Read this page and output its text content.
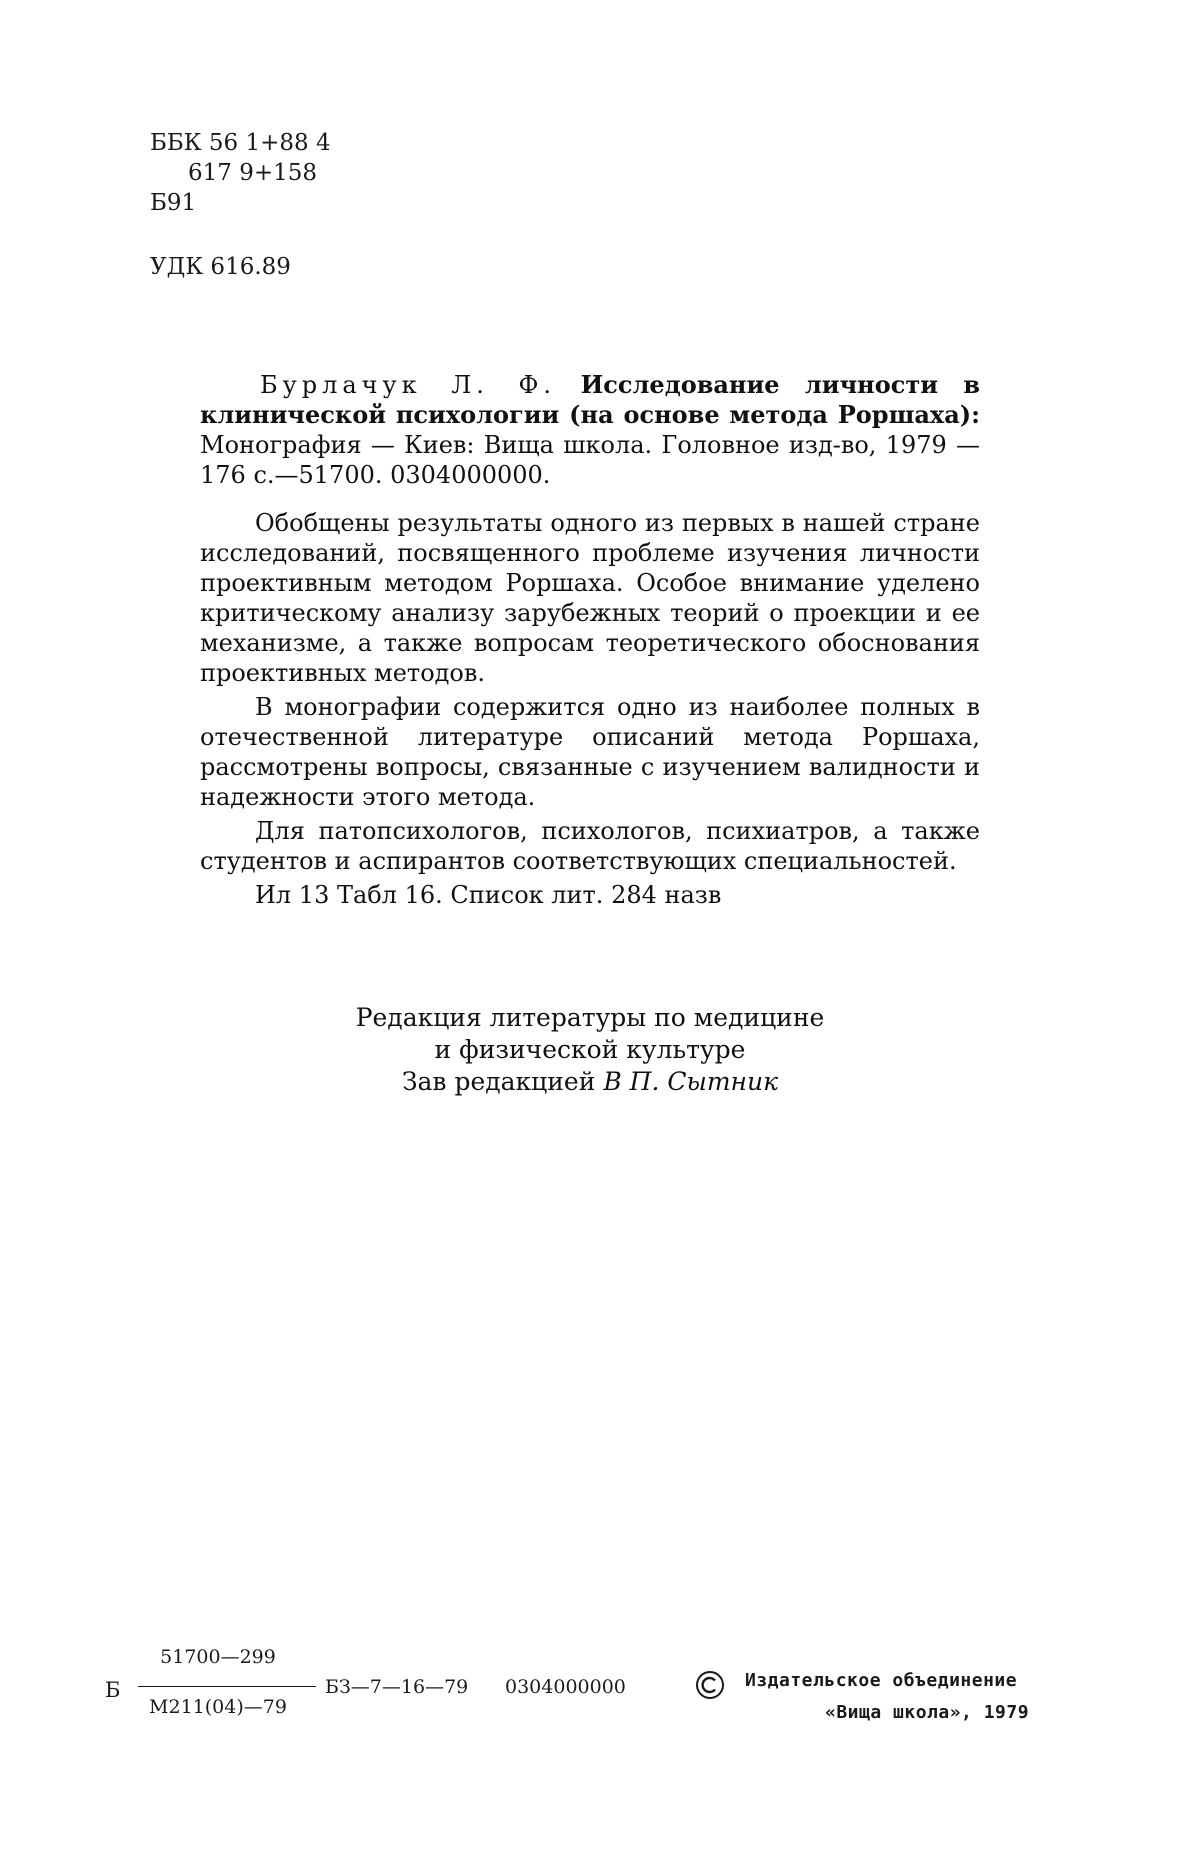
ББК 56 1+88 4
617 9+158
Б91
УДК 616.89

Бурлачук Л. Ф. Исследование личности в клинической психологии (на основе метода Роршаха): Монография — Киев: Вища школа. Головное изд-во, 1979 — 176 с.—51700. 0304000000.

Обобщены результаты одного из первых в нашей стране исследований, посвященного проблеме изучения личности проективным методом Роршаха. Особое внимание уделено критическому анализу зарубежных теорий о проекции и ее механизме, а также вопросам теоретического обоснования проективных методов.

В монографии содержится одно из наиболее полных в отечественной литературе описаний метода Роршаха, рассмотрены вопросы, связанные с изучением валидности и надежности этого метода.

Для патопсихологов, психологов, психиатров, а также студентов и аспирантов соответствующих специальностей.

Ил 13 Табл 16. Список лит. 284 назв

Редакция литературы по медицине
и физической культуре
Зав редакцией В П. Сытник
Б
51700—299
М211(04)—79
БЗ—7—16—79 0304000000	Издательское объединение
«Вища школа», 1979
